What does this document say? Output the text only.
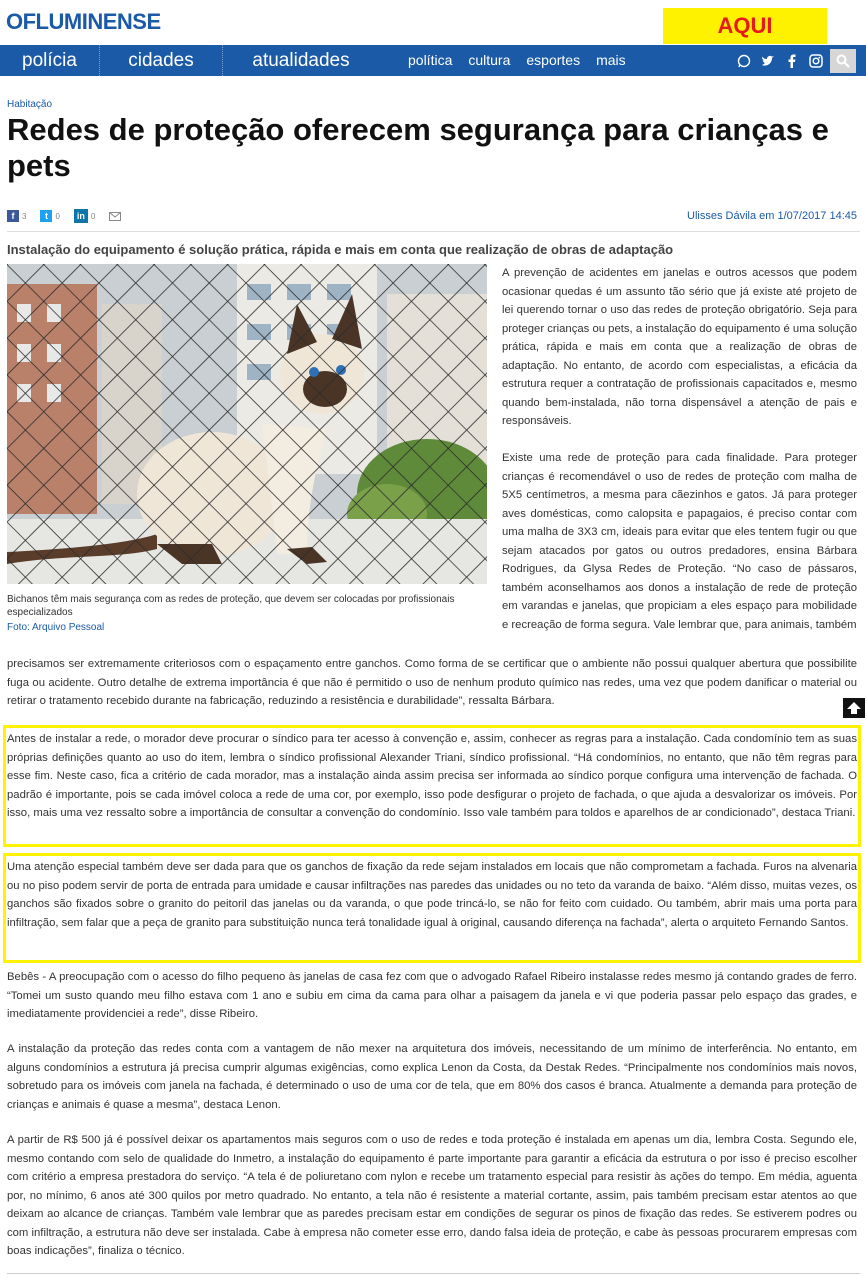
OFLUMINENSE	AQUI
polícia	cidades	atualidades	política cultura esportes mais
Habitação
Redes de proteção oferecem segurança para crianças e pets
f 3	t 0	in 0	Ulisses Dávila em 1/07/2017 14:45
Instalação do equipamento é solução prática, rápida e mais em conta que realização de obras de adaptação
Bichanos têm mais segurança com as redes de proteção, que devem ser colocadas por profissionais especializados
Foto: Arquivo Pessoal

A prevenção de acidentes em janelas e outros acessos que podem ocasionar quedas é um assunto tão sério que já existe até projeto de lei querendo tornar o uso das redes de proteção obrigatório. Seja para proteger crianças ou pets, a instalação do equipamento é uma solução prática, rápida e mais em conta que a realização de obras de adaptação. No entanto, de acordo com especialistas, a eficácia da estrutura requer a contratação de profissionais capacitados e, mesmo quando bem-instalada, não torna dispensável a atenção de pais e responsáveis.

Existe uma rede de proteção para cada finalidade. Para proteger crianças é recomendável o uso de redes de proteção com malha de 5X5 centímetros, a mesma para cãezinhos e gatos. Já para proteger aves domésticas, como calopsita e papagaios, é preciso contar com uma malha de 3X3 cm, ideais para evitar que eles tentem fugir ou que sejam atacados por gatos ou outros predadores, ensina Bárbara Rodrigues, da Glysa Redes de Proteção. “No caso de pássaros, também aconselhamos aos donos a instalação de rede de proteção em varandas e janelas, que propiciam a eles espaço para mobilidade e recreação de forma segura. Vale lembrar que, para animais, também

precisamos ser extremamente criteriosos com o espaçamento entre ganchos. Como forma de se certificar que o ambiente não possui qualquer abertura que possibilite fuga ou acidente. Outro detalhe de extrema importância é que não é permitido o uso de nenhum produto químico nas redes, uma vez que podem danificar o material ou retirar o tratamento recebido durante na fabricação, reduzindo a resistência e durabilidade”, ressalta Bárbara.

Antes de instalar a rede, o morador deve procurar o síndico para ter acesso à convenção e, assim, conhecer as regras para a instalação. Cada condomínio tem as suas próprias definições quanto ao uso do item, lembra o síndico profissional Alexander Triani, síndico profissional. “Há condomínios, no entanto, que não têm regras para esse fim. Neste caso, fica a critério de cada morador, mas a instalação ainda assim precisa ser informada ao síndico porque configura uma intervenção de fachada. O padrão é importante, pois se cada imóvel coloca a rede de uma cor, por exemplo, isso pode desfigurar o projeto de fachada, o que ajuda a desvalorizar os imóveis. Por isso, mais uma vez ressalto sobre a importância de consultar a convenção do condomínio. Isso vale também para toldos e aparelhos de ar condicionado”, destaca Triani.

Uma atenção especial também deve ser dada para que os ganchos de fixação da rede sejam instalados em locais que não comprometam a fachada. Furos na alvenaria ou no piso podem servir de porta de entrada para umidade e causar infiltrações nas paredes das unidades ou no teto da varanda de baixo. “Além disso, muitas vezes, os ganchos são fixados sobre o granito do peitoril das janelas ou da varanda, o que pode trincá-lo, se não for feito com cuidado. Ou também, abrir mais uma porta para infiltração, sem falar que a peça de granito para substituição nunca terá tonalidade igual à original, causando diferença na fachada”, alerta o arquiteto Fernando Santos.

Bebês - A preocupação com o acesso do filho pequeno às janelas de casa fez com que o advogado Rafael Ribeiro instalasse redes mesmo já contando grades de ferro. “Tomei um susto quando meu filho estava com 1 ano e subiu em cima da cama para olhar a paisagem da janela e vi que poderia passar pelo espaço das grades, e imediatamente providenciei a rede”, disse Ribeiro.

A instalação da proteção das redes conta com a vantagem de não mexer na arquitetura dos imóveis, necessitando de um mínimo de interferência. No entanto, em alguns condomínios a estrutura já precisa cumprir algumas exigências, como explica Lenon da Costa, da Destak Redes. “Principalmente nos condomínios mais novos, sobretudo para os imóveis com janela na fachada, é determinado o uso de uma cor de tela, que em 80% dos casos é branca. Atualmente a demanda para proteção de crianças e animais é quase a mesma”, destaca Lenon.

A partir de R$ 500 já é possível deixar os apartamentos mais seguros com o uso de redes e toda proteção é instalada em apenas um dia, lembra Costa. Segundo ele, mesmo contando com selo de qualidade do Inmetro, a instalação do equipamento é parte importante para garantir a eficácia da estrutura o por isso é preciso escolher com critério a empresa prestadora do serviço. “A tela é de poliuretano com nylon e recebe um tratamento especial para resistir às ações do tempo. Em média, aguenta por, no mínimo, 6 anos até 300 quilos por metro quadrado. No entanto, a tela não é resistente a material cortante, assim, pais também precisam estar atentos ao que deixam ao alcance de crianças. Também vale lembrar que as paredes precisam estar em condições de segurar os pinos de fixação das redes. Se estiverem podres ou com infiltração, a estrutura não deve ser instalada. Cabe à empresa não cometer esse erro, dando falsa ideia de proteção, e cabe às pessoas procurarem empresas com boas indicações”, finaliza o técnico.
